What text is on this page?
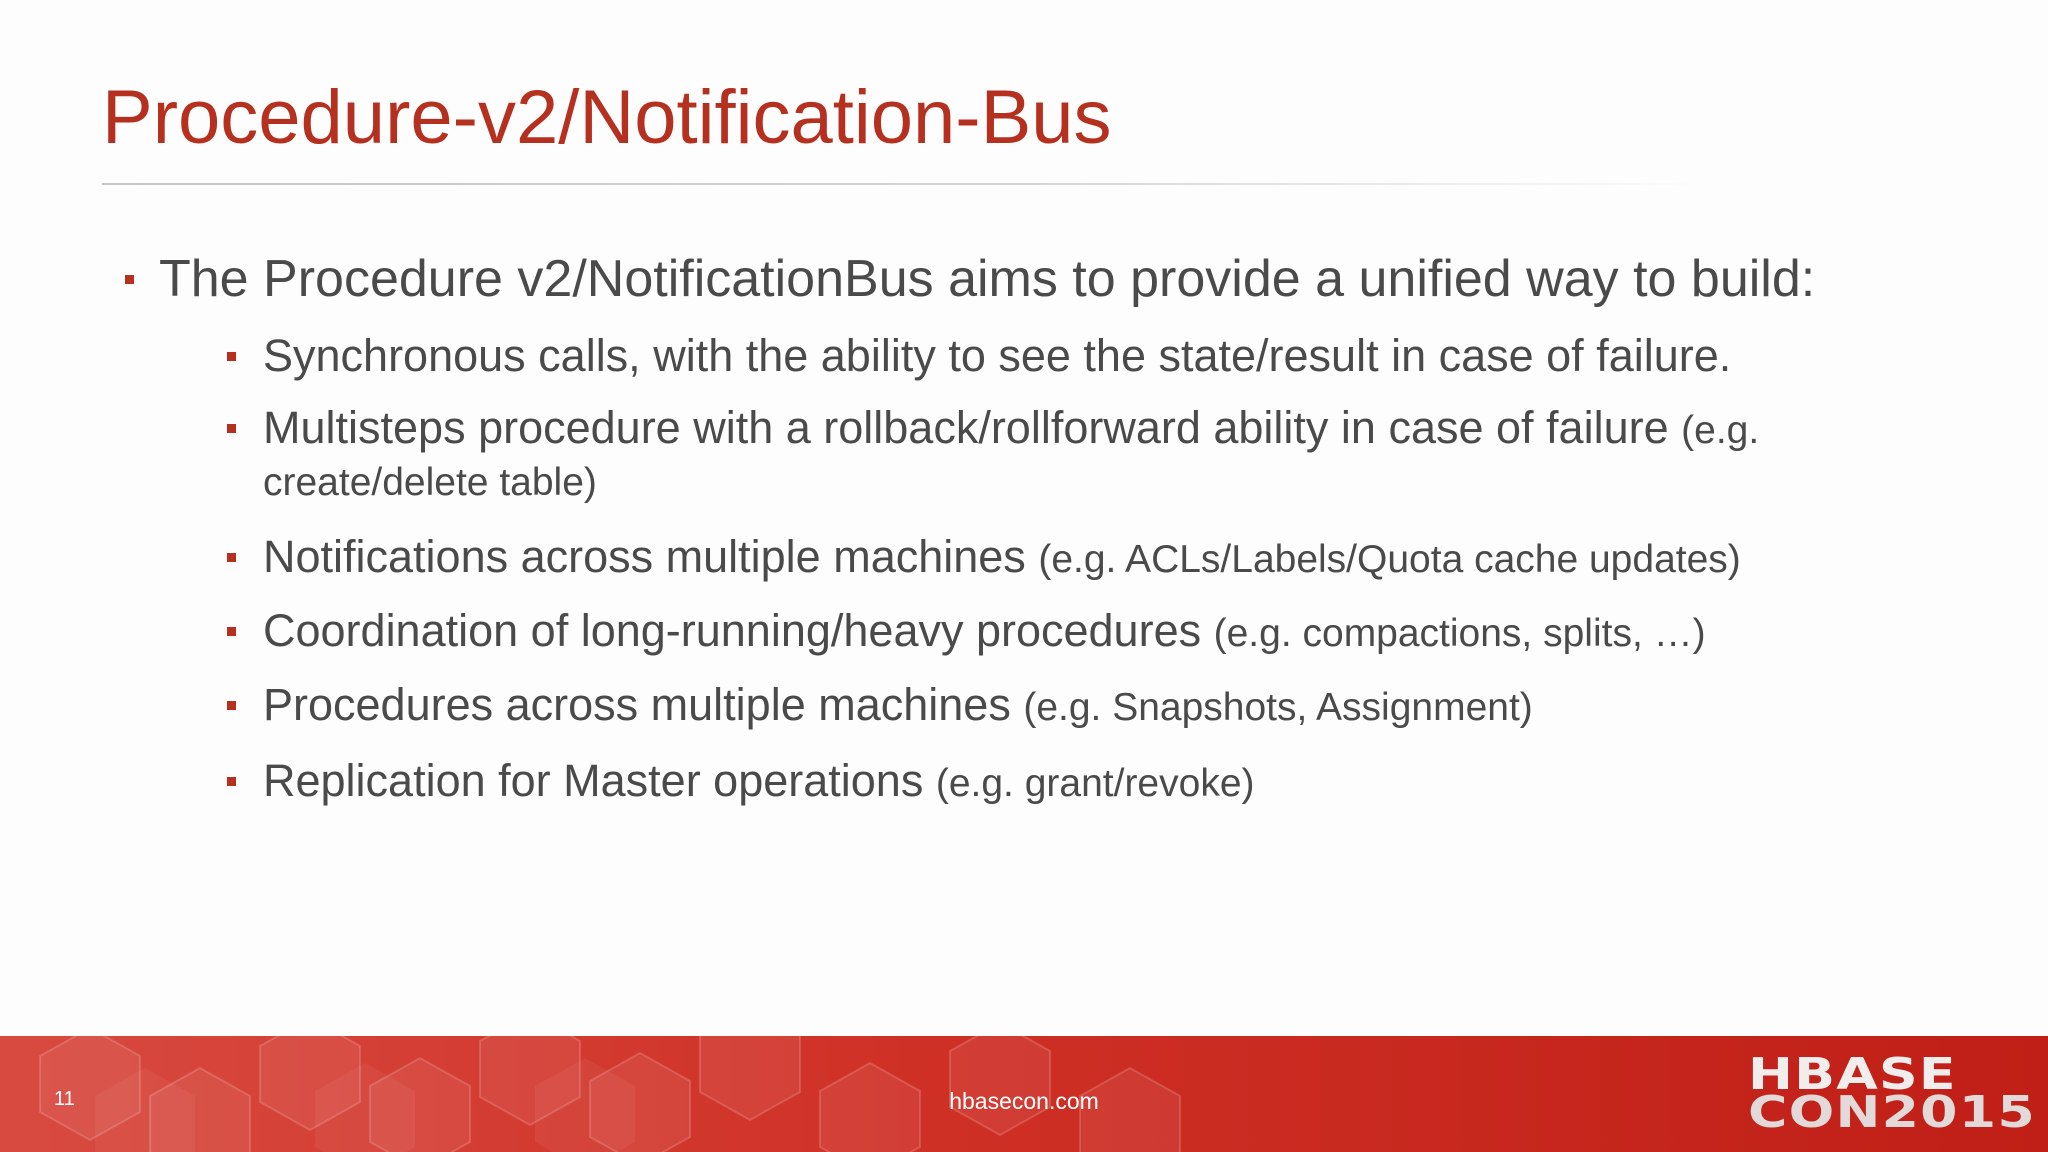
Procedure-v2/Notification-Bus
The Procedure v2/NotificationBus aims to provide a unified way to build:
Synchronous calls, with the ability to see the state/result in case of failure.
Multisteps procedure with a rollback/rollforward ability in case of failure (e.g.
create/delete table)
Notifications across multiple machines (e.g. ACLs/Labels/Quota cache updates)
Coordination of long-running/heavy procedures (e.g. compactions, splits, …)
Procedures across multiple machines (e.g. Snapshots, Assignment)
Replication for Master operations (e.g. grant/revoke)
11	hbasecon.com
HBASE
CON2015
